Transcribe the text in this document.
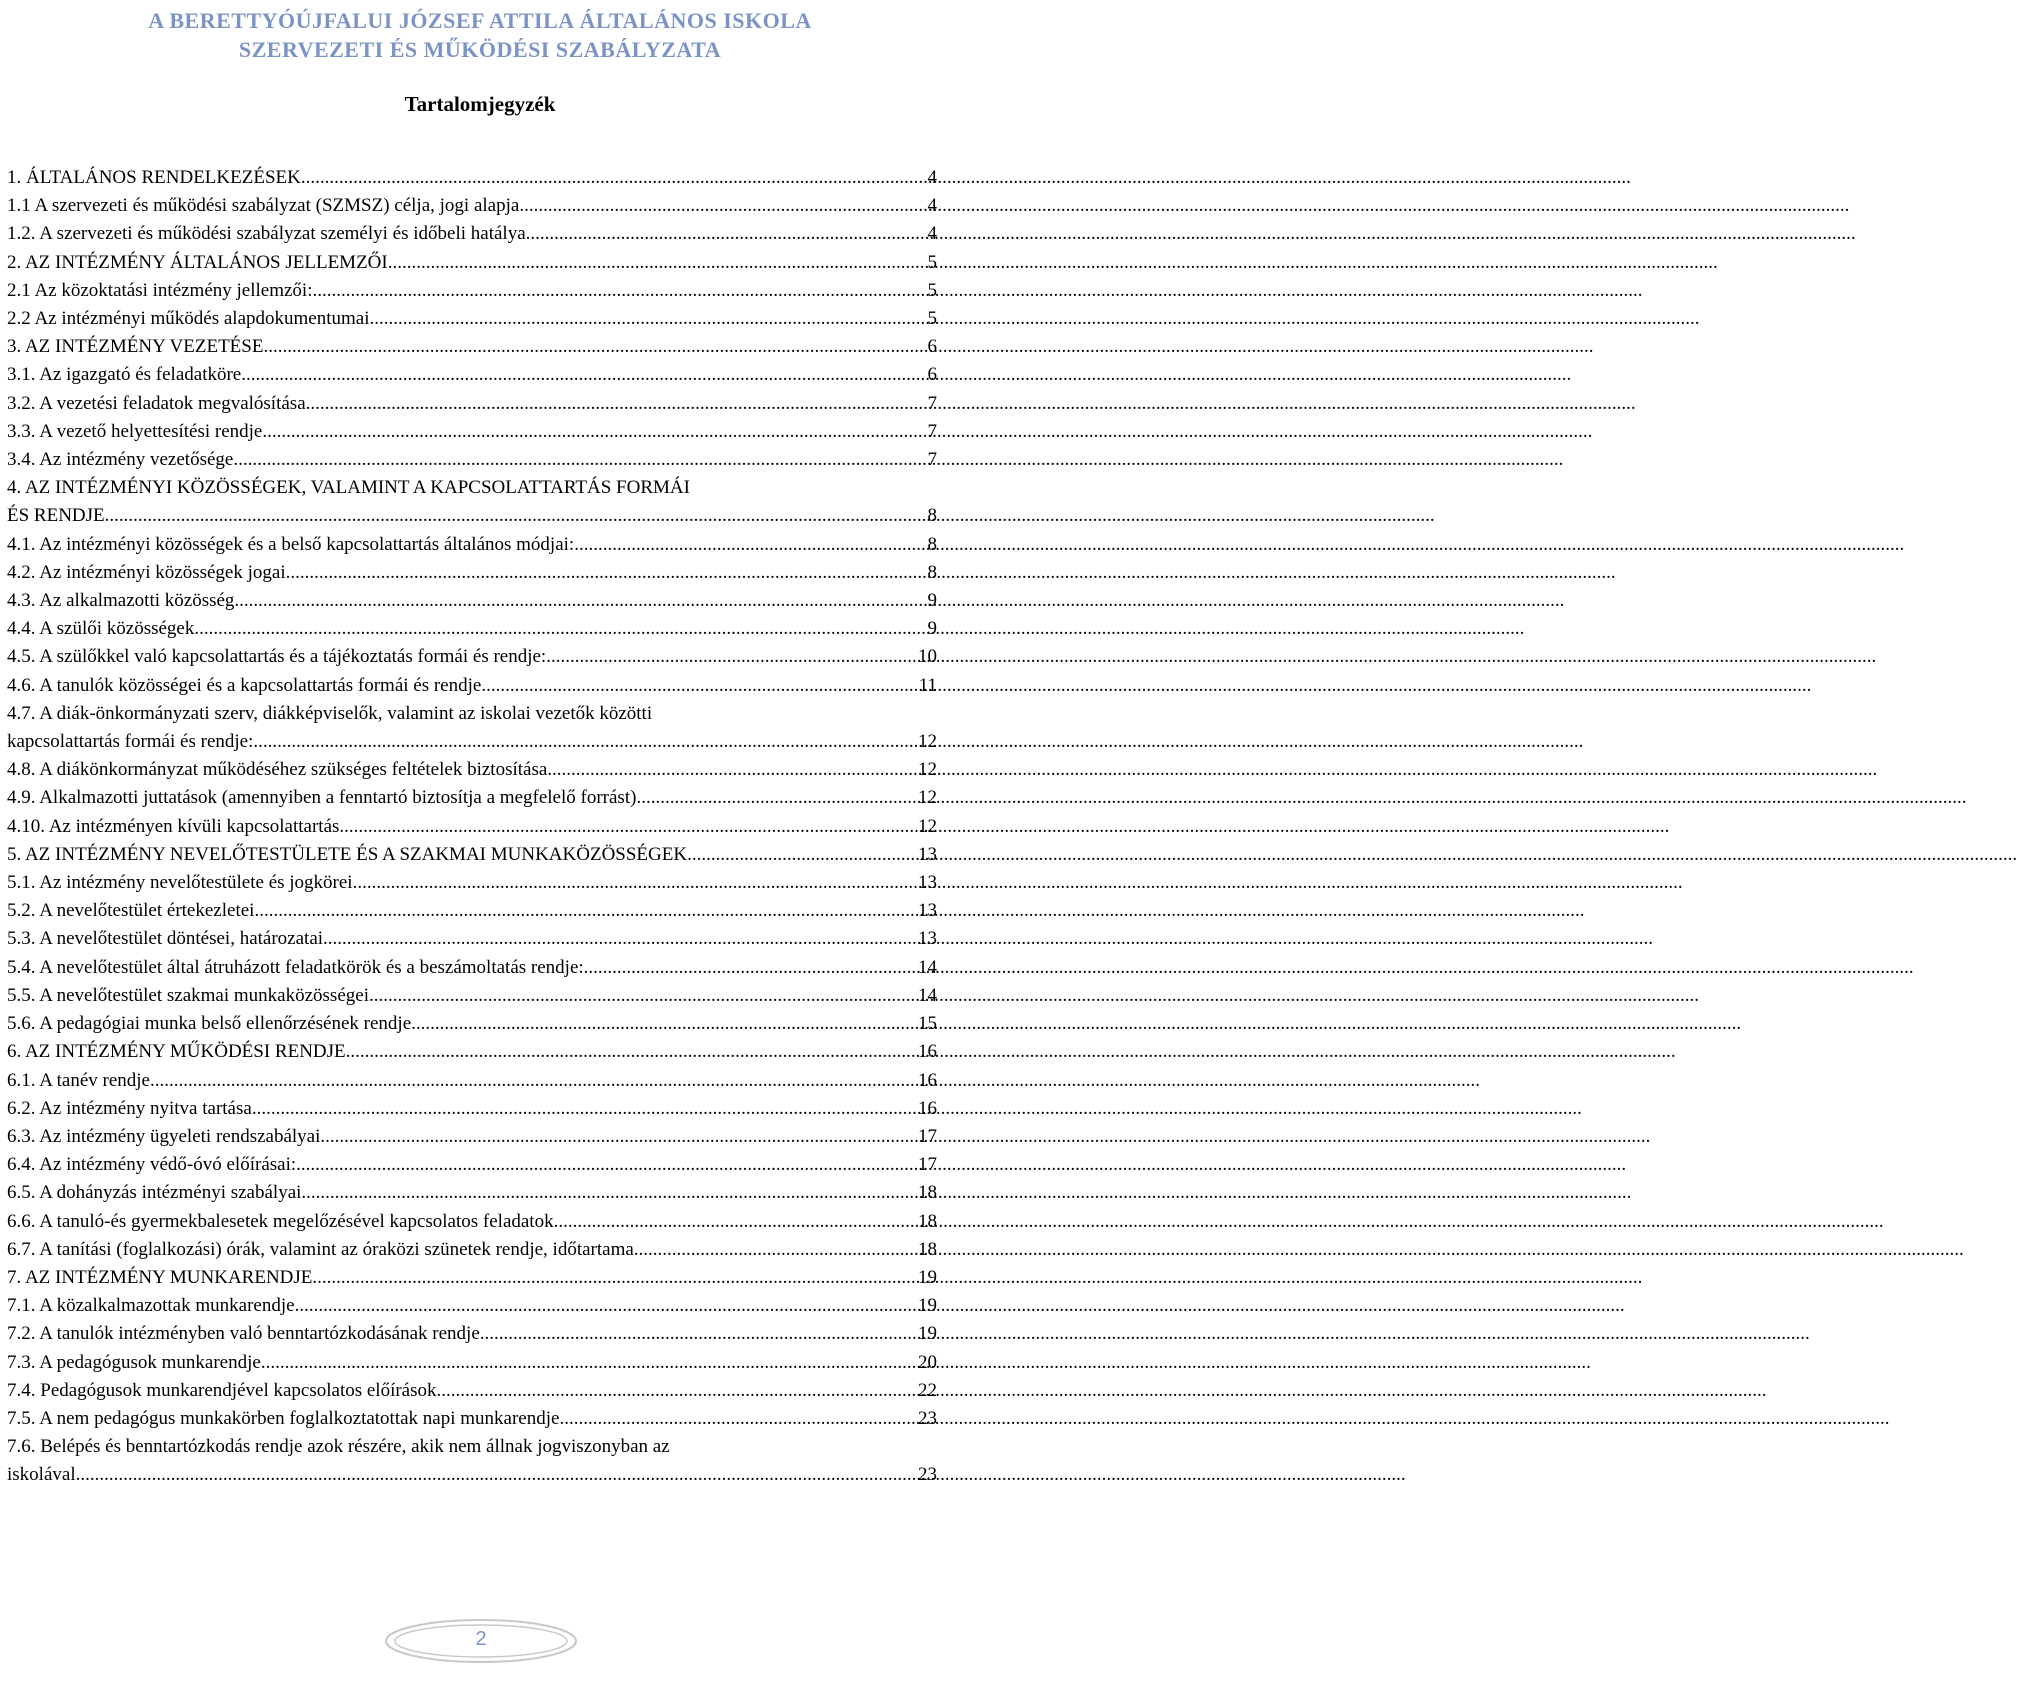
A BERETTYÓÚJFALUI JÓZSEF ATTILA ÁLTALÁNOS ISKOLA
SZERVEZETI ÉS MŰKÖDÉSI SZABÁLYZATA
Tartalomjegyzék
1. ÁLTALÁNOS RENDELKEZÉSEK .....	4
1.1 A szervezeti és működési szabályzat (SZMSZ) célja, jogi alapja .....	4
1.2. A szervezeti és működési szabályzat személyi és időbeli hatálya .....	4
2. AZ INTÉZMÉNY ÁLTALÁNOS JELLEMZŐI .....	5
2.1 Az közoktatási intézmény jellemzői: .....	5
2.2 Az intézményi működés alapdokumentumai .....	5
3. AZ INTÉZMÉNY VEZETÉSE .....	6
3.1. Az igazgató és feladatköre .....	6
3.2. A vezetési feladatok megvalósítása .....	7
3.3. A vezető helyettesítési rendje .....	7
3.4. Az intézmény vezetősége .....	7
4. AZ INTÉZMÉNYI KÖZÖSSÉGEK, VALAMINT A KAPCSOLATTARTÁS FORMÁI
ÉS RENDJE .....	8
4.1. Az intézményi közösségek és a belső kapcsolattartás általános módjai: .....	8
4.2. Az intézményi közösségek jogai .....	8
4.3. Az alkalmazotti közösség .....	9
4.4. A szülői közösségek .....	9
4.5. A szülőkkel való kapcsolattartás és a tájékoztatás formái és rendje: .....	10
4.6. A tanulók közösségei és a kapcsolattartás formái és rendje .....	11
4.7. A diák-önkormányzati szerv, diákképviselők, valamint az iskolai vezetők közötti
kapcsolattartás formái és rendje: .....	12
4.8. A diákönkormányzat működéséhez szükséges feltételek biztosítása .....	12
4.9. Alkalmazotti juttatások (amennyiben a fenntartó biztosítja a megfelelő forrást) .....	12
4.10. Az intézményen kívüli kapcsolattartás .....	12
5. AZ INTÉZMÉNY NEVELŐTESTÜLETE ÉS A SZAKMAI MUNKAKÖZÖSSÉGEK .....	13
5.1. Az intézmény nevelőtestülete és jogkörei .....	13
5.2. A nevelőtestület értekezletei .....	13
5.3. A nevelőtestület döntései, határozatai .....	13
5.4. A nevelőtestület által átruházott feladatkörök és a beszámoltatás rendje: .....	14
5.5. A nevelőtestület szakmai munkaközösségei .....	14
5.6. A pedagógiai munka belső ellenőrzésének rendje .....	15
6. AZ INTÉZMÉNY MŰKÖDÉSI RENDJE .....	16
6.1. A tanév rendje .....	16
6.2. Az intézmény nyitva tartása .....	16
6.3. Az intézmény ügyeleti rendszabályai .....	17
6.4. Az intézmény védő-óvó előírásai: .....	17
6.5. A dohányzás intézményi szabályai .....	18
6.6. A tanuló-és gyermekbalesetek megelőzésével kapcsolatos feladatok .....	18
6.7. A tanítási (foglalkozási) órák, valamint az óraközi szünetek rendje, időtartama .....	18
7. AZ INTÉZMÉNY MUNKARENDJE .....	19
7.1. A közalkalmazottak munkarendje .....	19
7.2. A tanulók intézményben való benntartózkodásának rendje .....	19
7.3. A pedagógusok munkarendje .....	20
7.4. Pedagógusok munkarendjével kapcsolatos előírások .....	22
7.5. A nem pedagógus munkakörben foglalkoztatottak napi munkarendje .....	23
7.6. Belépés és benntartózkodás rendje azok részére, akik nem állnak jogviszonyban az
iskolával .....	23
2
